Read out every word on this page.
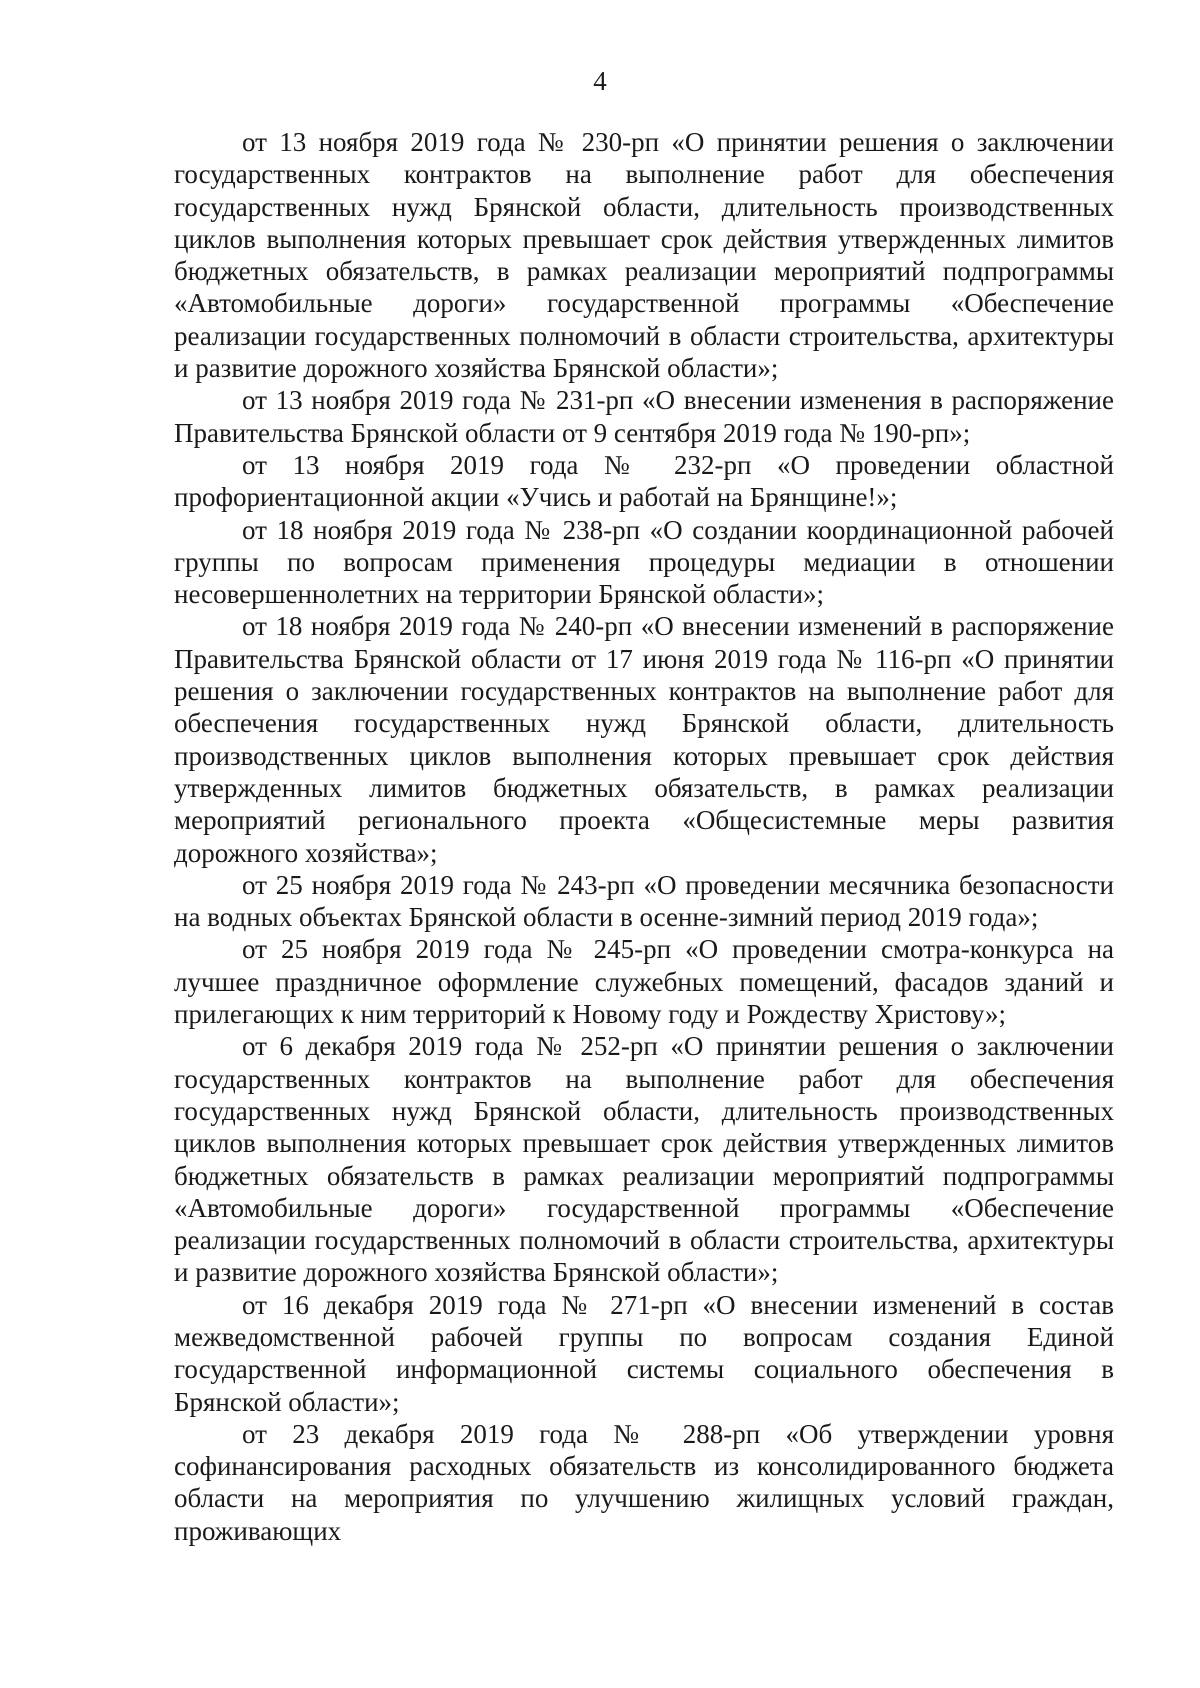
4

от 13 ноября 2019 года № 230-рп «О принятии решения о заключении государственных контрактов на выполнение работ для обеспечения государственных нужд Брянской области, длительность производственных циклов выполнения которых превышает срок действия утвержденных лимитов бюджетных обязательств, в рамках реализации мероприятий подпрограммы «Автомобильные дороги» государственной программы «Обеспечение реализации государственных полномочий в области строительства, архитектуры и развитие дорожного хозяйства Брянской области»;

от 13 ноября 2019 года № 231-рп «О внесении изменения в распоряжение Правительства Брянской области от 9 сентября 2019 года № 190-рп»;

от 13 ноября 2019 года № 232-рп «О проведении областной профориентационной акции «Учись и работай на Брянщине!»;

от 18 ноября 2019 года № 238-рп «О создании координационной рабочей группы по вопросам применения процедуры медиации в отношении несовершеннолетних на территории Брянской области»;

от 18 ноября 2019 года № 240-рп «О внесении изменений в распоряжение Правительства Брянской области от 17 июня 2019 года № 116-рп «О принятии решения о заключении государственных контрактов на выполнение работ для обеспечения государственных нужд Брянской области, длительность производственных циклов выполнения которых превышает срок действия утвержденных лимитов бюджетных обязательств, в рамках реализации мероприятий регионального проекта «Общесистемные меры развития дорожного хозяйства»;

от 25 ноября 2019 года № 243-рп «О проведении месячника безопасности на водных объектах Брянской области в осенне-зимний период 2019 года»;

от 25 ноября 2019 года № 245-рп «О проведении смотра-конкурса на лучшее праздничное оформление служебных помещений, фасадов зданий и прилегающих к ним территорий к Новому году и Рождеству Христову»;

от 6 декабря 2019 года № 252-рп «О принятии решения о заключении государственных контрактов на выполнение работ для обеспечения государственных нужд Брянской области, длительность производственных циклов выполнения которых превышает срок действия утвержденных лимитов бюджетных обязательств в рамках реализации мероприятий подпрограммы «Автомобильные дороги» государственной программы «Обеспечение реализации государственных полномочий в области строительства, архитектуры и развитие дорожного хозяйства Брянской области»;

от 16 декабря 2019 года № 271-рп «О внесении изменений в состав межведомственной рабочей группы по вопросам создания Единой государственной информационной системы социального обеспечения в Брянской области»;

от 23 декабря 2019 года № 288-рп «Об утверждении уровня софинансирования расходных обязательств из консолидированного бюджета области на мероприятия по улучшению жилищных условий граждан, проживающих
